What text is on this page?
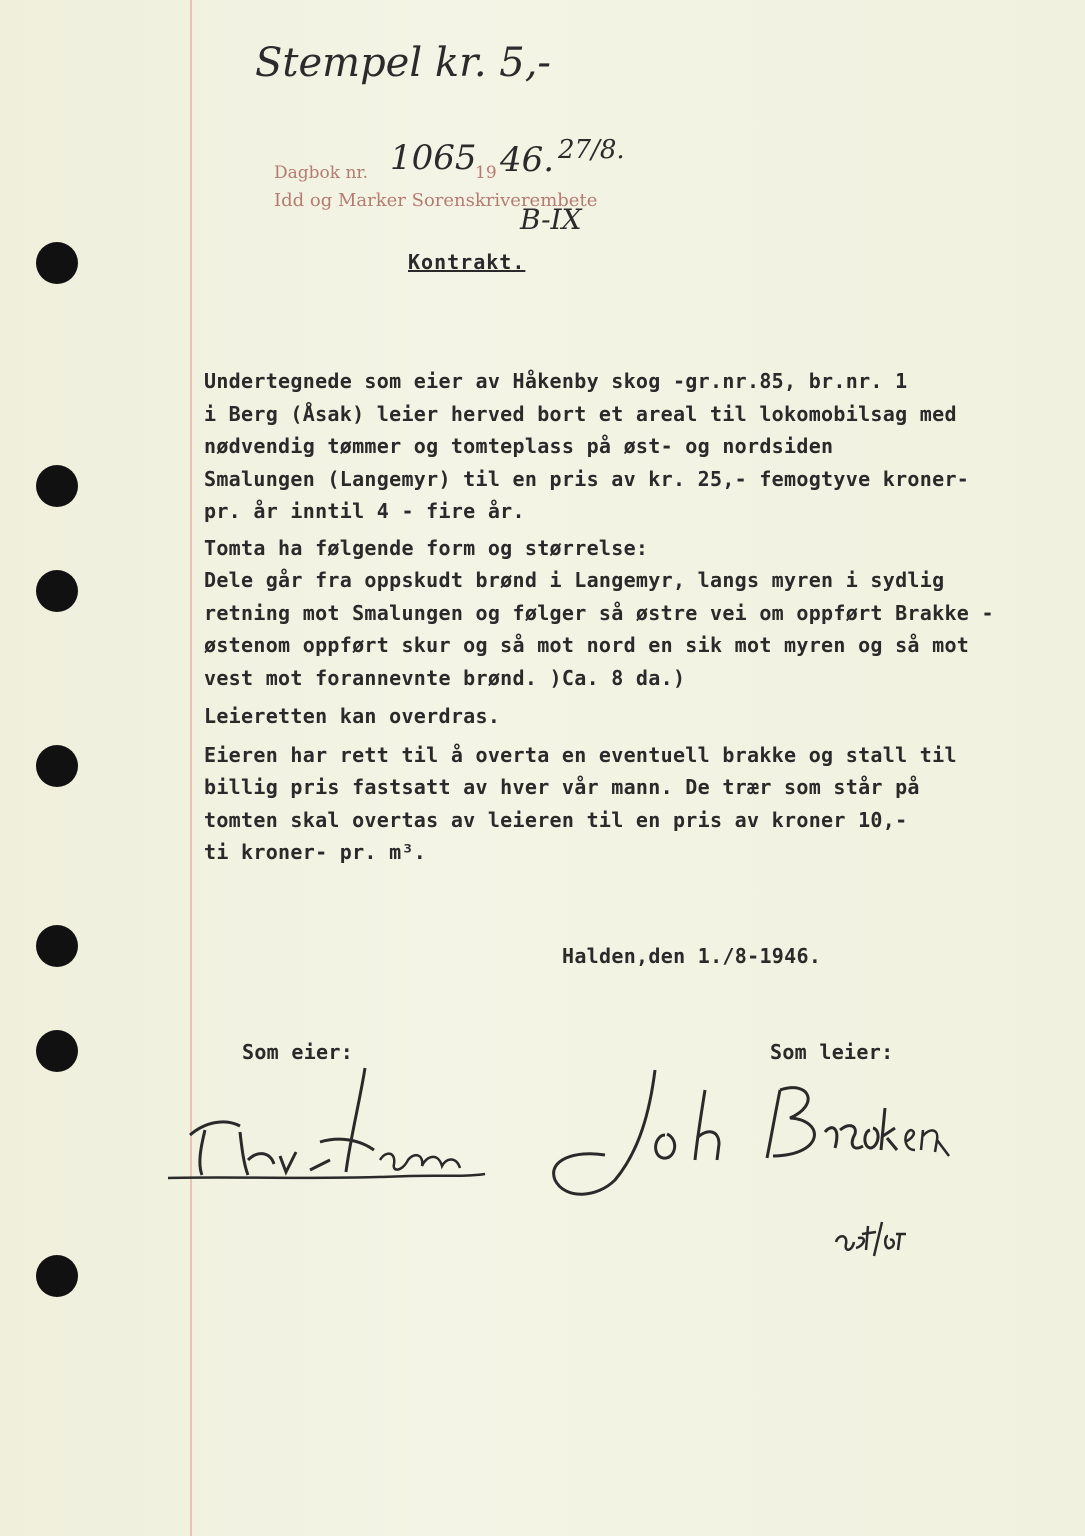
Stempel kr. 5,-
Dagbok nr. 1065
19 46. 27/8.
Idd og Marker Sorenskriverembete
B-IX
Kontrakt.
Undertegnede som eier av Håkenby skog -gr.nr.85, br.nr. 1
i Berg (Åsak) leier herved bort et areal til lokomobilsag med
nødvendig tømmer og tomteplass på øst- og nordsiden
Smalungen (Langemyr) til en pris av kr. 25,- femogtyve kroner-
pr. år inntil 4 - fire år.
Tomta ha følgende form og størrelse:
Dele går fra oppskudt brønd i Langemyr, langs myren i sydlig
retning mot Smalungen og følger så østre vei om oppført Brakke -
østenom oppført skur og så mot nord en sik mot myren og så mot
vest mot forannevnte brønd. )Ca. 8 da.)
Leieretten kan overdras.
Eieren har rett til å overta en eventuell brakke og stall til
billig pris fastsatt av hver vår mann. De trær som står på
tomten skal overtas av leieren til en pris av kroner 10,-
ti kroner- pr. m³.
Halden,den 1./8-1946.
Som eier:	Som leier:
